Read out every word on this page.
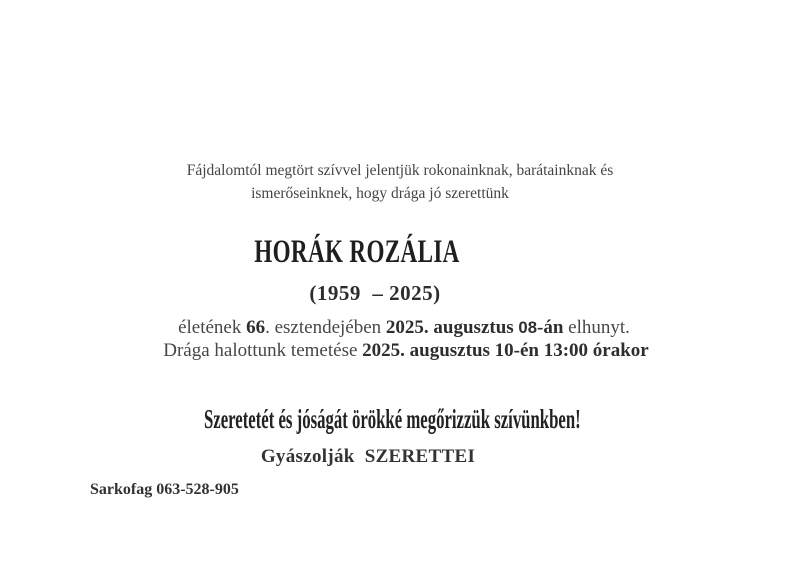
Fájdalomtól megtört szívvel jelentjük rokonainknak, barátainknak és

ismerőseinknek, hogy drága jó szerettünk

HORÁK ROZÁLIA

(1959  – 2025)

életének 66. esztendejében 2025. augusztus 08-án elhunyt.

Drága halottunk temetése 2025. augusztus 10-én 13:00 órakor

Szeretetét és jóságát örökké megőrizzük szívünkben!

Gyászolják  SZERETTEI

Sarkofag 063-528-905
